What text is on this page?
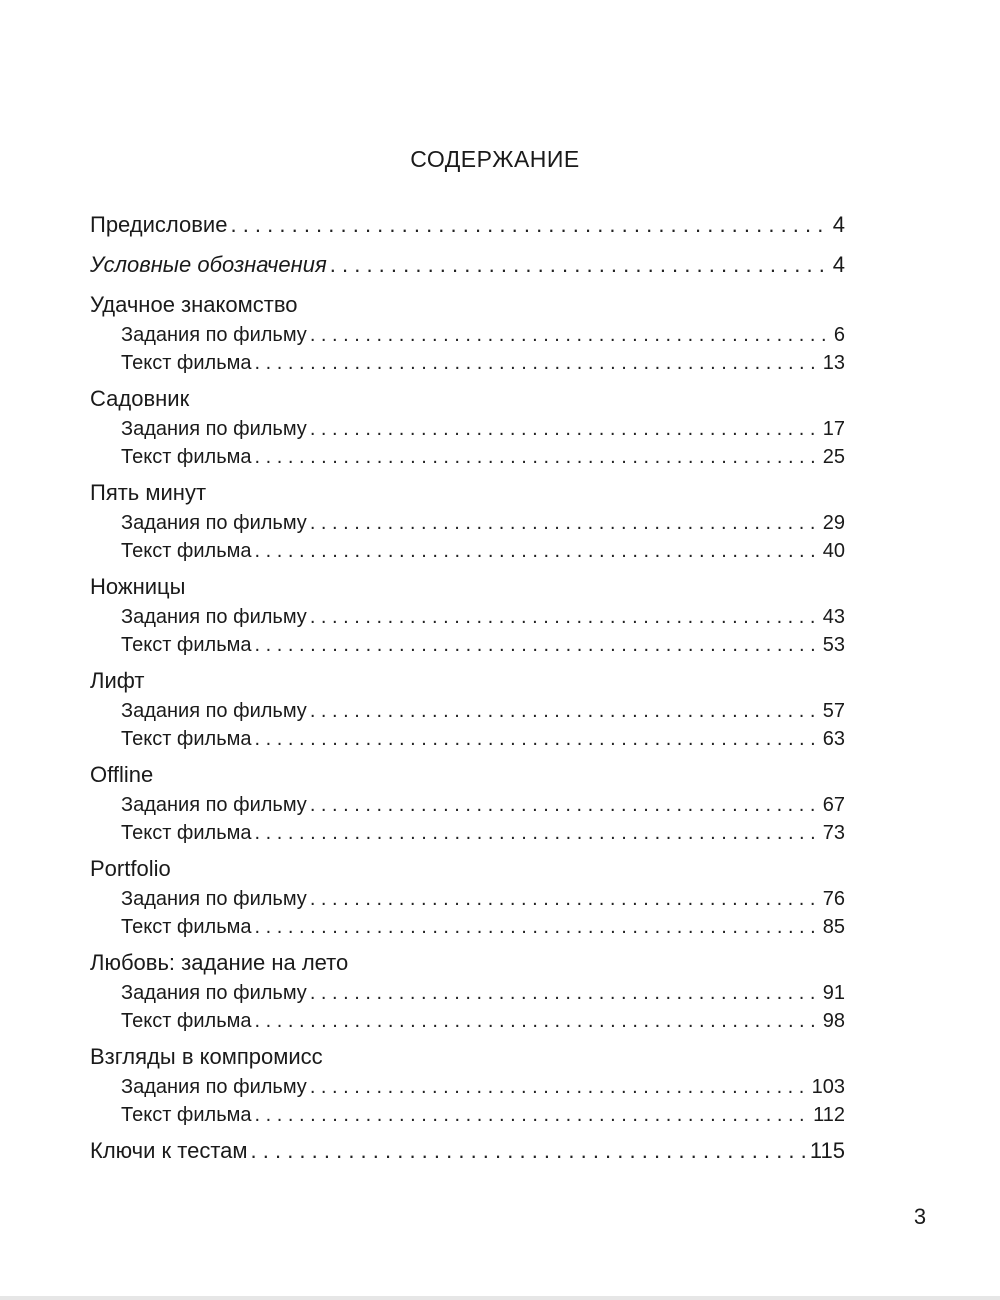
СОДЕРЖАНИЕ
Предисловие . . .	4
Условные обозначения . . .	4
Удачное знакомство
Задания по фильму . . .	6
Текст фильма . . .	13
Садовник
Задания по фильму . . .	17
Текст фильма . . .	25
Пять минут
Задания по фильму . . .	29
Текст фильма . . .	40
Ножницы
Задания по фильму . . .	43
Текст фильма . . .	53
Лифт
Задания по фильму . . .	57
Текст фильма . . .	63
Offline
Задания по фильму . . .	67
Текст фильма . . .	73
Portfolio
Задания по фильму . . .	76
Текст фильма . . .	85
Любовь: задание на лето
Задания по фильму . . .	91
Текст фильма . . .	98
Взгляды в компромисс
Задания по фильму . . .	103
Текст фильма . . .	112
Ключи к тестам . . .	115
3
